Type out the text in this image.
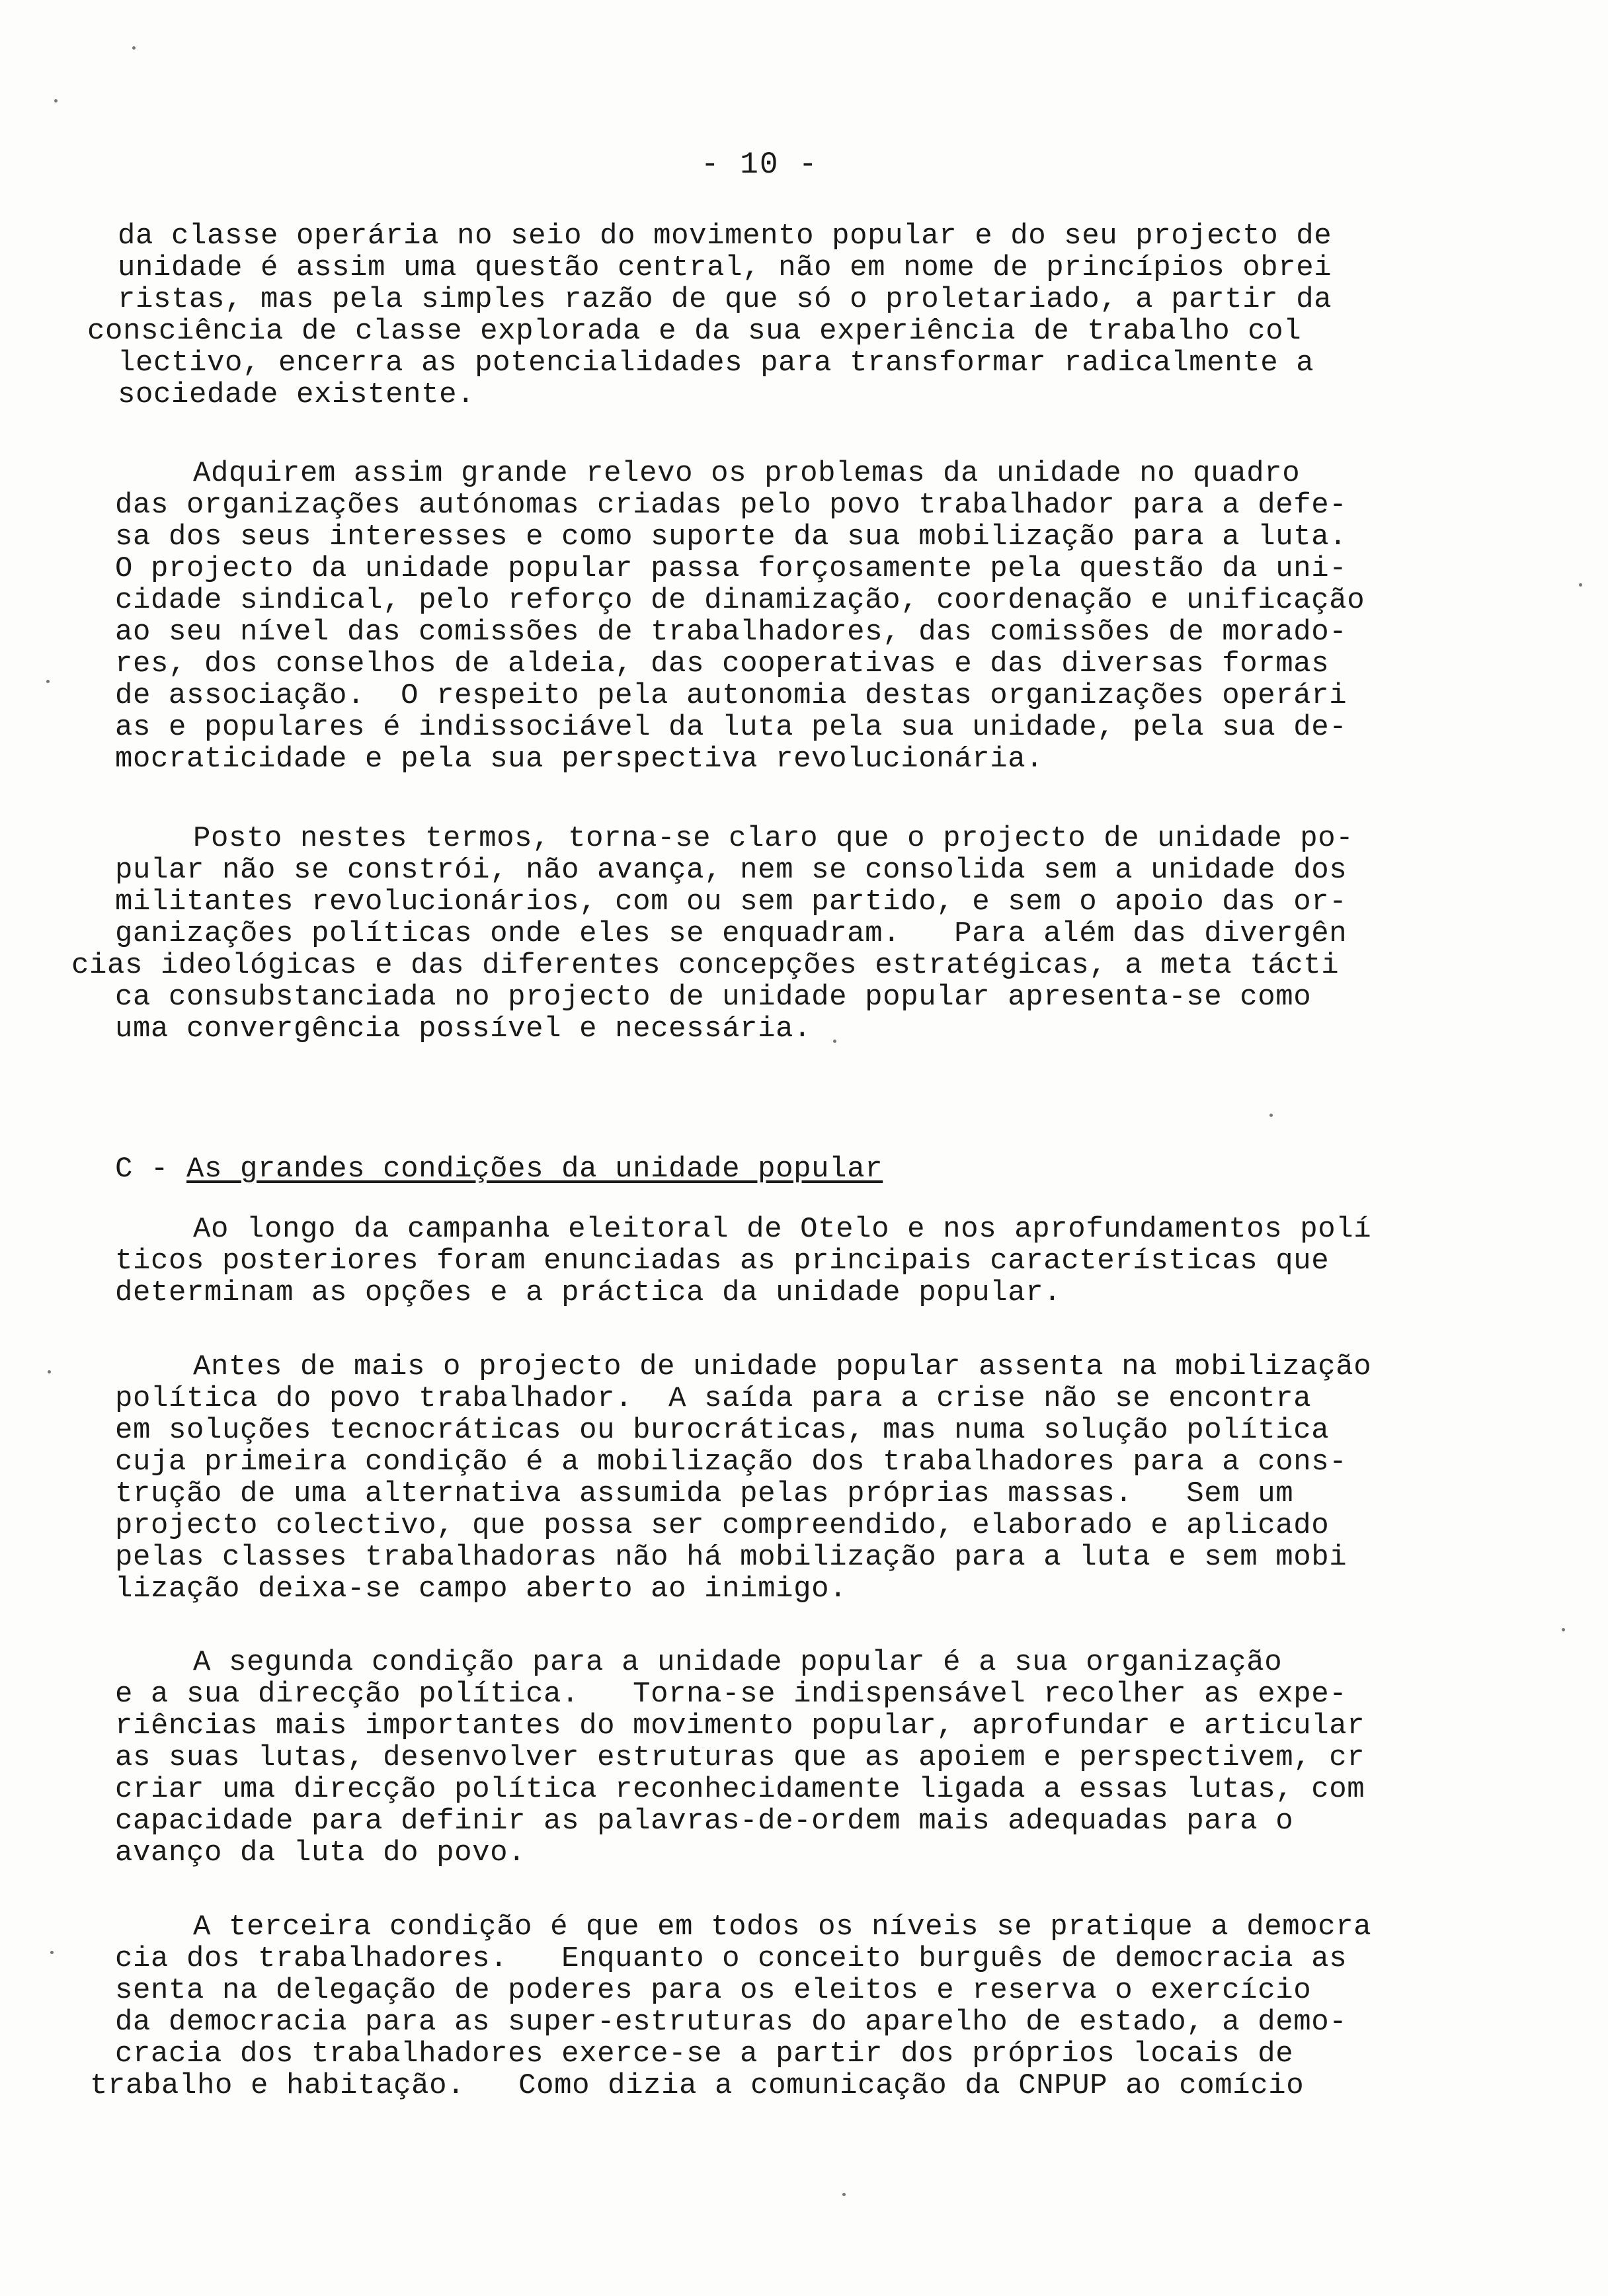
- 10 -
da classe operária no seio do movimento popular e do seu projecto de
unidade é assim uma questão central, não em nome de princípios obrei
ristas, mas pela simples razão de que só o proletariado, a partir da
consciência de classe explorada e da sua experiência de trabalho col
lectivo, encerra as potencialidades para transformar radicalmente a
sociedade existente.
Adquirem assim grande relevo os problemas da unidade no quadro
das organizações autónomas criadas pelo povo trabalhador para a defe-
sa dos seus interesses e como suporte da sua mobilização para a luta.
O projecto da unidade popular passa forçosamente pela questão da uni-
cidade sindical, pelo reforço de dinamização, coordenação e unificação
ao seu nível das comissões de trabalhadores, das comissões de morado-
res, dos conselhos de aldeia, das cooperativas e das diversas formas
de associação.  O respeito pela autonomia destas organizações operári
as e populares é indissociável da luta pela sua unidade, pela sua de-
mocraticidade e pela sua perspectiva revolucionária.
Posto nestes termos, torna-se claro que o projecto de unidade po-
pular não se constrói, não avança, nem se consolida sem a unidade dos
militantes revolucionários, com ou sem partido, e sem o apoio das or-
ganizações políticas onde eles se enquadram.   Para além das divergên
cias ideológicas e das diferentes concepções estratégicas, a meta tácti
ca consubstanciada no projecto de unidade popular apresenta-se como
uma convergência possível e necessária.
C - As grandes condições da unidade popular
Ao longo da campanha eleitoral de Otelo e nos aprofundamentos polí
ticos posteriores foram enunciadas as principais características que
determinam as opções e a práctica da unidade popular.
Antes de mais o projecto de unidade popular assenta na mobilização
política do povo trabalhador.  A saída para a crise não se encontra
em soluções tecnocráticas ou burocráticas, mas numa solução política
cuja primeira condição é a mobilização dos trabalhadores para a cons-
trução de uma alternativa assumida pelas próprias massas.   Sem um
projecto colectivo, que possa ser compreendido, elaborado e aplicado
pelas classes trabalhadoras não há mobilização para a luta e sem mobi
lização deixa-se campo aberto ao inimigo.
A segunda condição para a unidade popular é a sua organização
e a sua direcção política.   Torna-se indispensável recolher as expe-
riências mais importantes do movimento popular, aprofundar e articular
as suas lutas, desenvolver estruturas que as apoiem e perspectivem, cr
criar uma direcção política reconhecidamente ligada a essas lutas, com
capacidade para definir as palavras-de-ordem mais adequadas para o
avanço da luta do povo.
A terceira condição é que em todos os níveis se pratique a democra
cia dos trabalhadores.   Enquanto o conceito burguês de democracia as
senta na delegação de poderes para os eleitos e reserva o exercício
da democracia para as super-estruturas do aparelho de estado, a demo-
cracia dos trabalhadores exerce-se a partir dos próprios locais de
trabalho e habitação.   Como dizia a comunicação da CNPUP ao comício
